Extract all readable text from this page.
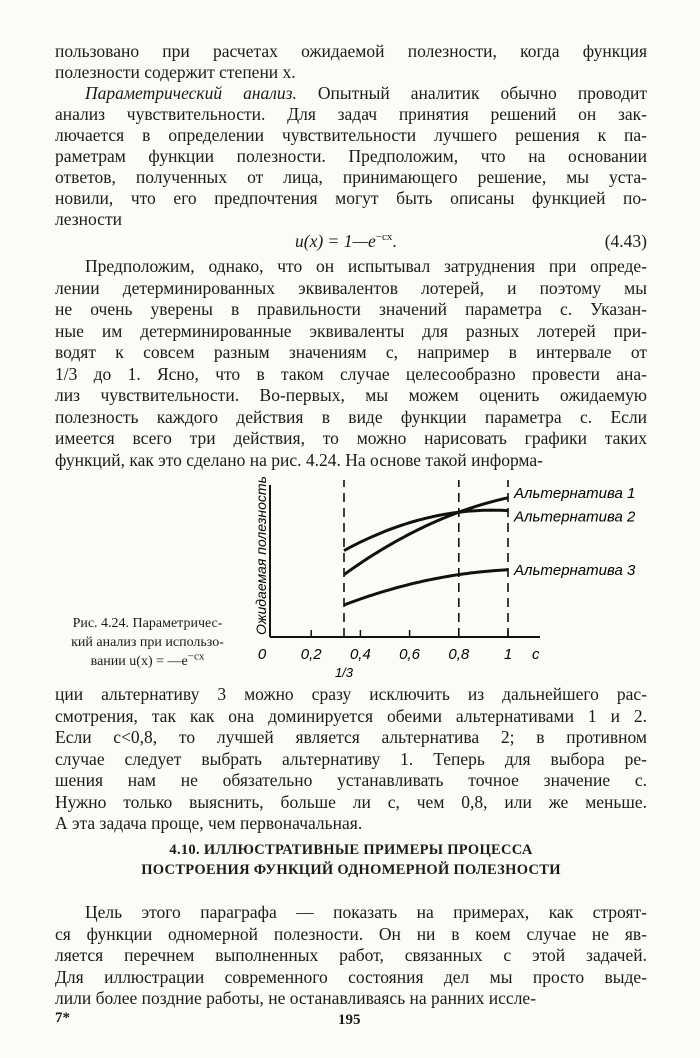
Параметрический анализ. Опытный аналитик обычно проводит
$u(x) = 1—e^{-cx}$.	(4.43)
4.10. ИЛЛЮСТРАТИВНЫЕ ПРИМЕРЫ ПРОЦЕССА
ПОСТРОЕНИЯ ФУНКЦИЙ ОДНОМЕРНОЙ ПОЛЕЗНОСТИ
Рис. 4.24. Параметричес-
кий анализ при использо-
вании $u(x) = —e^{-cx}$
7*	195
пользовано при расчетах ожидаемой полезности, когда функция
полезности содержит степени x.
анализ чувствительности. Для задач принятия решений он зак-
лючается в определении чувствительности лучшего решения к па-
раметрам функции полезности. Предположим, что на основании
ответов, полученных от лица, принимающего решение, мы уста-
новили, что его предпочтения могут быть описаны функцией по-
лезности
Предположим, однако, что он испытывал затруднения при опреде-
лении детерминированных эквивалентов лотерей, и поэтому мы
не очень уверены в правильности значений параметра c. Указан-
ные им детерминированные эквиваленты для разных лотерей при-
водят к совсем разным значениям c, например в интервале от
1/3 до 1. Ясно, что в таком случае целесообразно провести ана-
лиз чувствительности. Во-первых, мы можем оценить ожидаемую
полезность каждого действия в виде функции параметра c. Если
имеется всего три действия, то можно нарисовать графики таких
функций, как это сделано на рис. 4.24. На основе такой информа-
ции альтернативу 3 можно сразу исключить из дальнейшего рас-
смотрения, так как она доминируется обеими альтернативами 1 и 2.
Если c<0,8, то лучшей является альтернатива 2; в противном
случае следует выбрать альтернативу 1. Теперь для выбора ре-
шения нам не обязательно устанавливать точное значение c.
Нужно только выяснить, больше ли c, чем 0,8, или же меньше.
А эта задача проще, чем первоначальная.
Цель этого параграфа — показать на примерах, как строят-
ся функции одномерной полезности. Он ни в коем случае не яв-
ляется перечнем выполненных работ, связанных с этой задачей.
Для иллюстрации современного состояния дел мы просто выде-
лили более поздние работы, не останавливаясь на ранних иссле-
Ожидаемая полезность
0 0,2
1/3
0,4 0,6 0,8 1 c
Альтернатива 1
Альтернатива 2
Альтернатива 3
